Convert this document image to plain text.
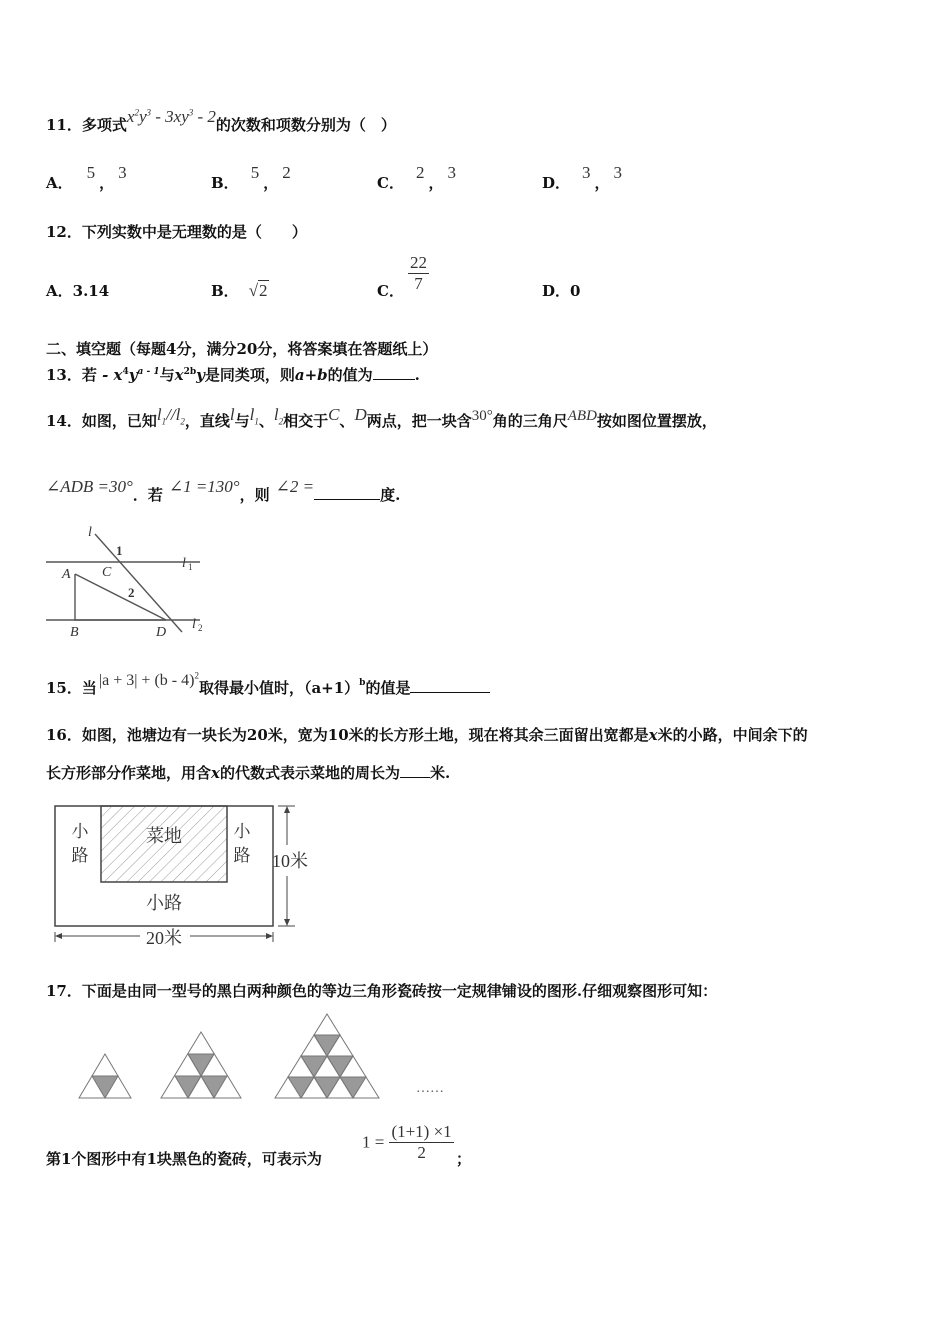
11．多项式$x^2y^3 - 3xy^3 - 2$的次数和项数分别为（　）
A．5，3
B．5，2
C．2，3
D．3，3
12．下列实数中是无理数的是（　　）
A．3.14	B． √2	C． $\frac{22}{7}$	D．0
二、填空题（每题4分，满分20分，将答案填在答题纸上）
13．若 - $x^4y^{a - 1}$与$x^{2b}y$是同类项，则a+b的值为	.
14．如图，已知$l_1//l_2$，直线l与$l_1$、$l_2$相交于C、D两点，把一块含30°角的三角尺ABD按如图位置摆放，
∠ADB =30°．若 ∠1 =130°，则 ∠2 =	度.
l
1
C
l 1
A
2
B	D
l 2
15．当 |a + 3| + (b - 4)$^2$取得最小值时，$(a+1)^b$的值是
16．如图，池塘边有一块长为20米，宽为10米的长方形土地，现在将其余三面留出宽都是x米的小路，中间余下的
长方形部分作菜地，用含x的代数式表示菜地的周长为 米.
菜地
小
路
小
路
小路
20米
10米
17．下面是由同一型号的黑白两种颜色的等边三角形瓷砖按一定规律铺设的图形.仔细观察图形可知：
……
第1个图形中有1块黑色的瓷砖，可表示为
$1 = \frac{(1+1) \times 1}{2}$ ；
